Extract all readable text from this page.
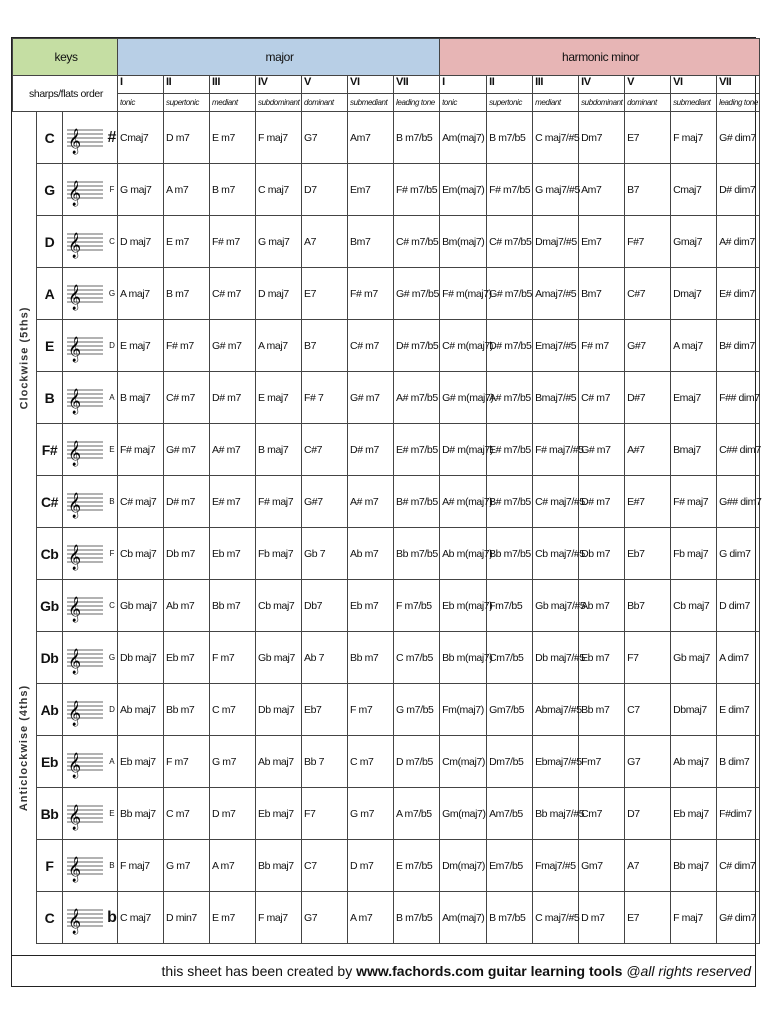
keys				major							harmonic minor						
sharps/flats order				I	II	III	IV	V	VI	VII	I	II	III	IV	V	VI	VII
				tonic	supertonic	mediant	subdominant	dominant	submediant	leading tone	tonic	supertonic	mediant	subdominant	dominant	submediant	leading tone
	C	𝄞	#	Cmaj7	D m7	E m7	F maj7	G7	Am7	B m7/b5	Am(maj7)	B m7/b5	C maj7/#5	Dm7	E7	F maj7	G# dim7
	G	𝄞	F	G maj7	A m7	B m7	C maj7	D7	Em7	F# m7/b5	Em(maj7)	F# m7/b5	G maj7/#5	Am7	B7	Cmaj7	D# dim7
	D	𝄞	C	D maj7	E m7	F# m7	G maj7	A7	Bm7	C# m7/b5	Bm(maj7)	C# m7/b5	Dmaj7/#5	Em7	F#7	Gmaj7	A# dim7
	A	𝄞	G	A maj7	B m7	C# m7	D maj7	E7	F# m7	G# m7/b5	F# m(maj7)	G# m7/b5	Amaj7/#5	Bm7	C#7	Dmaj7	E# dim7
	E	𝄞	D	E maj7	F# m7	G# m7	A maj7	B7	C# m7	D# m7/b5	C# m(maj7)	D# m7/b5	Emaj7/#5	F# m7	G#7	A maj7	B# dim7
	B	𝄞	A	B maj7	C# m7	D# m7	E maj7	F# 7	G# m7	A# m7/b5	G# m(maj7)	A# m7/b5	Bmaj7/#5	C# m7	D#7	Emaj7	F## dim7
	F#	𝄞	E	F# maj7	G# m7	A# m7	B maj7	C#7	D# m7	E# m7/b5	D# m(maj7)	E# m7/b5	F# maj7/#5	G# m7	A#7	Bmaj7	C## dim7
	C#	𝄞	B	C# maj7	D# m7	E# m7	F# maj7	G#7	A# m7	B# m7/b5	A# m(maj7)	B# m7/b5	C# maj7/#5	D# m7	E#7	F# maj7	G## dim7
	Cb	𝄞	F	Cb maj7	Db m7	Eb m7	Fb maj7	Gb 7	Ab m7	Bb m7/b5	Ab m(maj7)	Bb m7/b5	Cb maj7/#5	Db m7	Eb7	Fb maj7	G dim7
	Gb	𝄞	C	Gb maj7	Ab m7	Bb m7	Cb maj7	Db7	Eb m7	F m7/b5	Eb m(maj7)	Fm7/b5	Gb maj7/#5	Ab m7	Bb7	Cb maj7	D dim7
	Db	𝄞	G	Db maj7	Eb m7	F m7	Gb maj7	Ab 7	Bb m7	C m7/b5	Bb m(maj7)	Cm7/b5	Db maj7/#5	Eb m7	F7	Gb maj7	A dim7
	Ab	𝄞	D	Ab maj7	Bb m7	C m7	Db maj7	Eb7	F m7	G m7/b5	Fm(maj7)	Gm7/b5	Abmaj7/#5	Bb m7	C7	Dbmaj7	E dim7
	Eb	𝄞	A	Eb maj7	F m7	G m7	Ab maj7	Bb 7	C m7	D m7/b5	Cm(maj7)	Dm7/b5	Ebmaj7/#5	Fm7	G7	Ab maj7	B dim7
	Bb	𝄞	E	Bb maj7	C m7	D m7	Eb maj7	F7	G m7	A m7/b5	Gm(maj7)	Am7/b5	Bb maj7/#5	Cm7	D7	Eb maj7	F#dim7
	F	𝄞	B	F maj7	G m7	A m7	Bb maj7	C7	D m7	E m7/b5	Dm(maj7)	Em7/b5	Fmaj7/#5	Gm7	A7	Bb maj7	C# dim7
	C	𝄞	b	C maj7	D min7	E m7	F maj7	G7	A m7	B m7/b5	Am(maj7)	B m7/b5	C maj7/#5	D m7	E7	F maj7	G# dim7
Clockwise (5ths)
Anticlockwise (4ths)
this sheet has been created by
www.fachords.com guitar learning tools
@all rights reserved
